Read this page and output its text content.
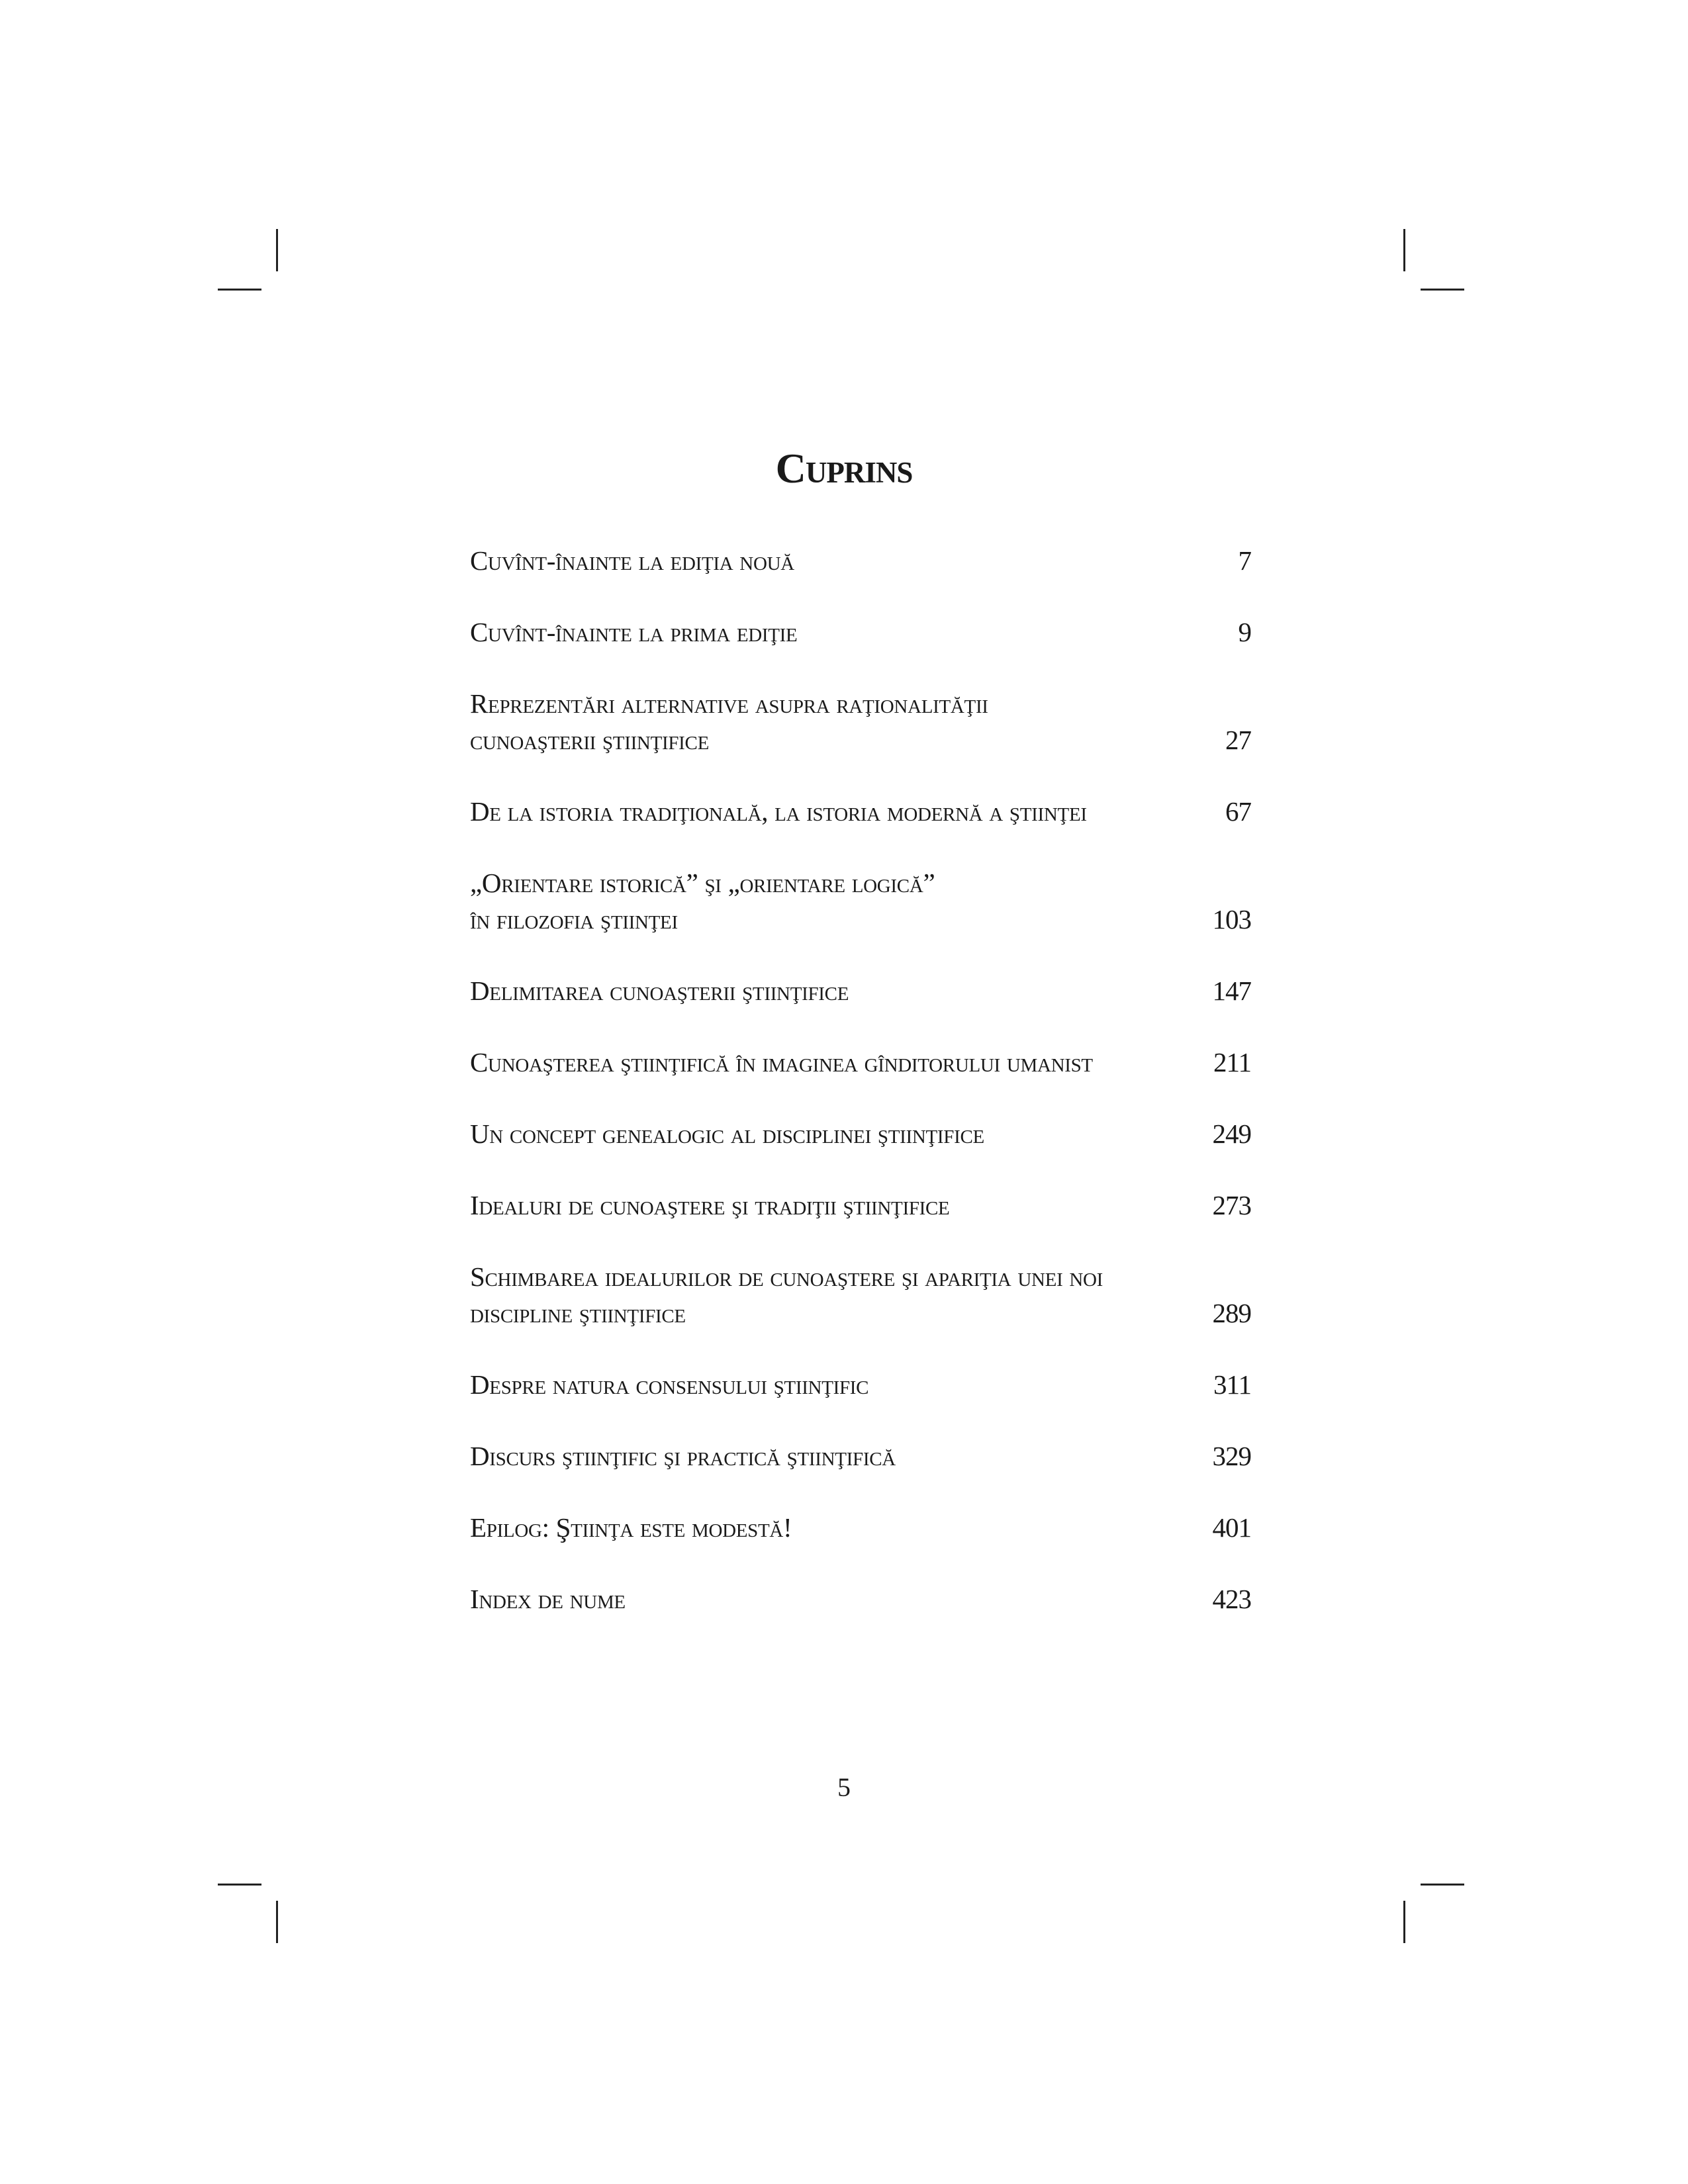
Cuprins
Cuvînt-înainte la ediţia nouă	7
Cuvînt-înainte la prima ediţie	9
Reprezentări alternative asupra raţionalităţii
cunoaşterii ştiinţifice	27
De la istoria tradiţională, la istoria modernă a ştiinţei	67
„Orientare istorică” şi „orientare logică”
în filozofia ştiinţei	103
Delimitarea cunoaşterii ştiinţifice	147
Cunoaşterea ştiinţifică în imaginea gînditorului umanist	211
Un concept genealogic al disciplinei ştiinţifice	249
Idealuri de cunoaştere şi tradiţii ştiinţifice	273
Schimbarea idealurilor de cunoaştere şi apariţia unei noi
discipline ştiinţifice	289
Despre natura consensului ştiinţific	311
Discurs ştiinţific şi practică ştiinţifică	329
Epilog: Ştiinţa este modestă!	401
Index de nume	423
5
